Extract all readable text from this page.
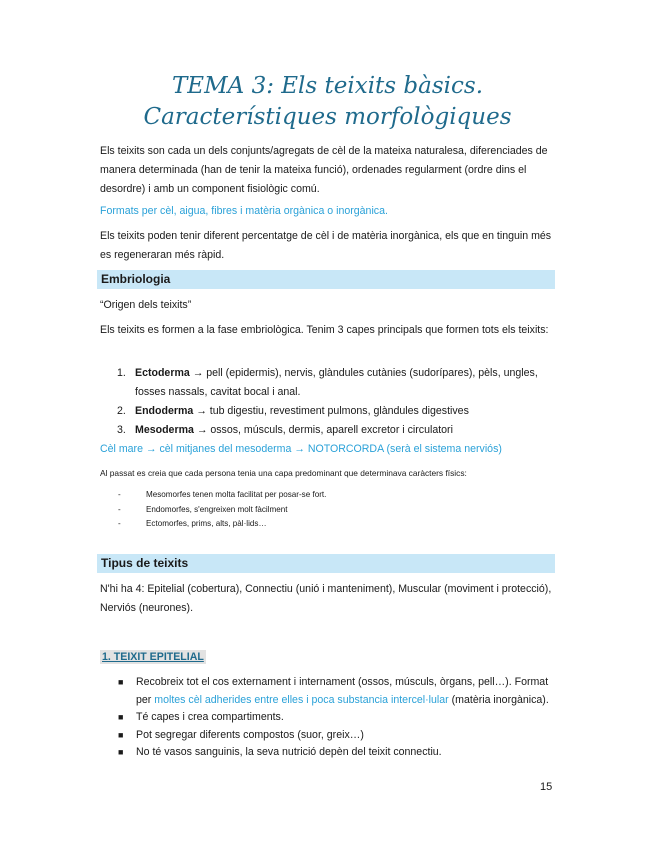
TEMA 3: Els teixits bàsics.
Característiques morfològiques

Els teixits son cada un dels conjunts/agregats de cèl de la mateixa naturalesa, diferenciades de manera determinada (han de tenir la mateixa funció), ordenades regularment (ordre dins el desordre) i amb un component fisiològic comú.

Formats per cèl, aigua, fibres i matèria orgànica o inorgànica.

Els teixits poden tenir diferent percentatge de cèl i de matèria inorgànica, els que en tinguin més es regeneraran més ràpid.

Embriologia

“Origen dels teixits”

Els teixits es formen a la fase embriològica. Tenim 3 capes principals que formen tots els teixits:

1. Ectoderma → pell (epidermis), nervis, glàndules cutànies (sudorípares), pèls, ungles, fosses nassals, cavitat bocal i anal.
2. Endoderma → tub digestiu, revestiment pulmons, glàndules digestives
3. Mesoderma → ossos, músculs, dermis, aparell excretor i circulatori

Cèl mare → cèl mitjanes del mesoderma → NOTORCORDA (serà el sistema nerviós)

Al passat es creia que cada persona tenia una capa predominant que determinava caràcters físics:

-	Mesomorfes tenen molta facilitat per posar-se fort.
-	Endomorfes, s'engreixen molt fàcilment
-	Ectomorfes, prims, alts, pàl·lids…
Tipus de teixits

N'hi ha 4: Epitelial (cobertura), Connectiu (unió i manteniment), Muscular (moviment i protecció), Nerviós (neurones).

1. TEIXIT EPITELIAL
■ Recobreix tot el cos externament i internament (ossos, músculs, òrgans, pell…). Format per moltes cèl adherides entre elles i poca substancia intercel·lular (matèria inorgànica).
■ Té capes i crea compartiments.
■ Pot segregar diferents compostos (suor, greix…)
■ No té vasos sanguinis, la seva nutrició depèn del teixit connectiu.
15
